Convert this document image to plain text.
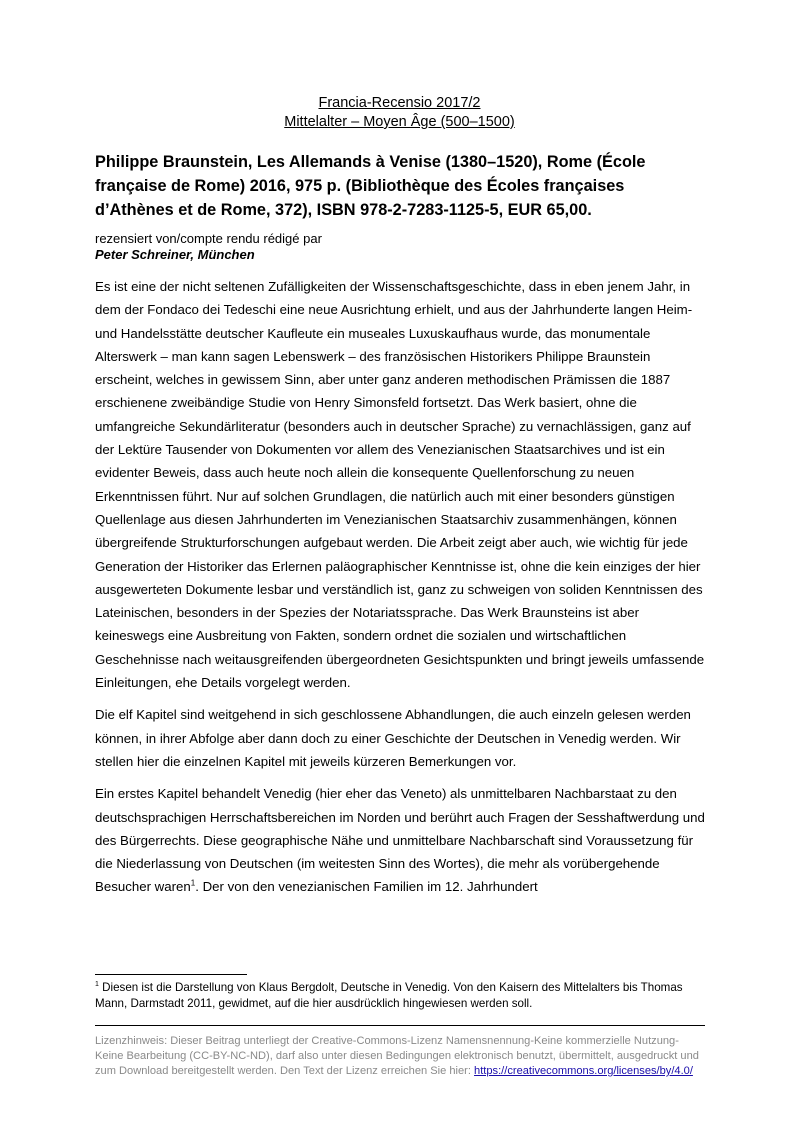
Francia-Recensio 2017/2
Mittelalter – Moyen Âge (500–1500)
Philippe Braunstein, Les Allemands à Venise (1380–1520), Rome (École française de Rome) 2016, 975 p. (Bibliothèque des Écoles françaises d’Athènes et de Rome, 372), ISBN 978-2-7283-1125-5, EUR 65,00.
rezensiert von/compte rendu rédigé par
Peter Schreiner, München

Es ist eine der nicht seltenen Zufälligkeiten der Wissenschaftsgeschichte, dass in eben jenem Jahr, in dem der Fondaco dei Tedeschi eine neue Ausrichtung erhielt, und aus der Jahrhunderte langen Heim- und Handelsstätte deutscher Kaufleute ein museales Luxuskaufhaus wurde, das monumentale Alterswerk – man kann sagen Lebenswerk – des französischen Historikers Philippe Braunstein erscheint, welches in gewissem Sinn, aber unter ganz anderen methodischen Prämissen die 1887 erschienene zweibändige Studie von Henry Simonsfeld fortsetzt. Das Werk basiert, ohne die umfangreiche Sekundärliteratur (besonders auch in deutscher Sprache) zu vernachlässigen, ganz auf der Lektüre Tausender von Dokumenten vor allem des Venezianischen Staatsarchives und ist ein evidenter Beweis, dass auch heute noch allein die konsequente Quellenforschung zu neuen Erkenntnissen führt. Nur auf solchen Grundlagen, die natürlich auch mit einer besonders günstigen Quellenlage aus diesen Jahrhunderten im Venezianischen Staatsarchiv zusammenhängen, können übergreifende Strukturforschungen aufgebaut werden. Die Arbeit zeigt aber auch, wie wichtig für jede Generation der Historiker das Erlernen paläographischer Kenntnisse ist, ohne die kein einziges der hier ausgewerteten Dokumente lesbar und verständlich ist, ganz zu schweigen von soliden Kenntnissen des Lateinischen, besonders in der Spezies der Notariatssprache. Das Werk Braunsteins ist aber keineswegs eine Ausbreitung von Fakten, sondern ordnet die sozialen und wirtschaftlichen Geschehnisse nach weitausgreifenden übergeordneten Gesichtspunkten und bringt jeweils umfassende Einleitungen, ehe Details vorgelegt werden.

Die elf Kapitel sind weitgehend in sich geschlossene Abhandlungen, die auch einzeln gelesen werden können, in ihrer Abfolge aber dann doch zu einer Geschichte der Deutschen in Venedig werden. Wir stellen hier die einzelnen Kapitel mit jeweils kürzeren Bemerkungen vor.

Ein erstes Kapitel behandelt Venedig (hier eher das Veneto) als unmittelbaren Nachbarstaat zu den deutschsprachigen Herrschaftsbereichen im Norden und berührt auch Fragen der Sesshaftwerdung und des Bürgerrechts. Diese geographische Nähe und unmittelbare Nachbarschaft sind Voraussetzung für die Niederlassung von Deutschen (im weitesten Sinn des Wortes), die mehr als vorübergehende Besucher waren$^1$. Der von den venezianischen Familien im 12. Jahrhundert

$^1$ Diesen ist die Darstellung von Klaus Bergdolt, Deutsche in Venedig. Von den Kaisern des Mittelalters bis Thomas Mann, Darmstadt 2011, gewidmet, auf die hier ausdrücklich hingewiesen werden soll.
Lizenzhinweis: Dieser Beitrag unterliegt der Creative-Commons-Lizenz Namensnennung-Keine kommerzielle Nutzung-Keine Bearbeitung (CC-BY-NC-ND), darf also unter diesen Bedingungen elektronisch benutzt, übermittelt, ausgedruckt und zum Download bereitgestellt werden. Den Text der Lizenz erreichen Sie hier: https://creativecommons.org/licenses/by/4.0/
